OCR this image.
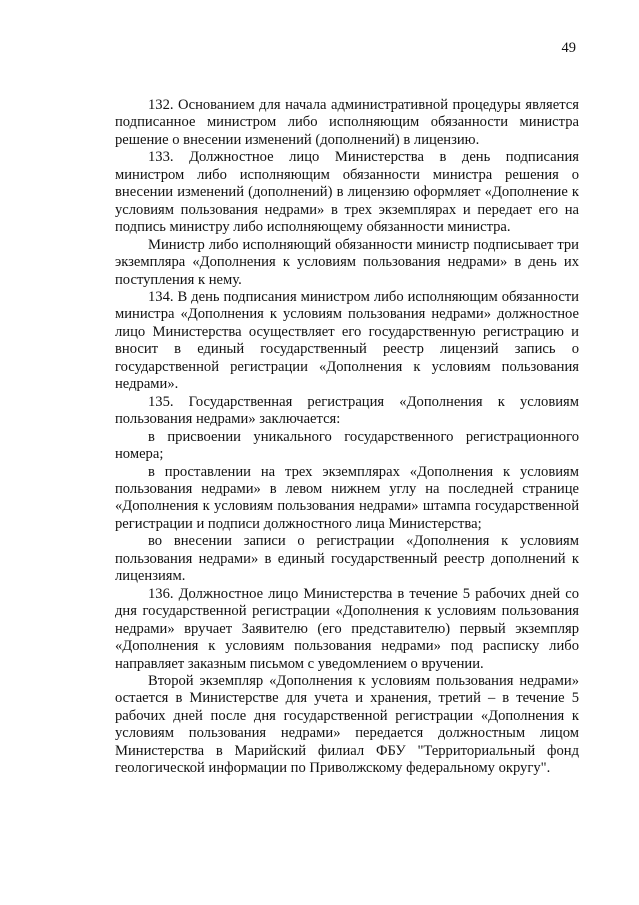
49

132. Основанием для начала административной процедуры является подписанное министром либо исполняющим обязанности министра решение о внесении изменений (дополнений) в лицензию.

133. Должностное лицо Министерства в день подписания министром либо исполняющим обязанности министра решения о внесении изменений (дополнений) в лицензию оформляет «Дополнение к условиям пользования недрами» в трех экземплярах и передает его на подпись министру либо исполняющему обязанности министра.

Министр либо исполняющий обязанности министр подписывает три экземпляра «Дополнения к условиям пользования недрами» в день их поступления к нему.

134. В день подписания министром либо исполняющим обязанности министра «Дополнения к условиям пользования недрами» должностное лицо Министерства осуществляет его государственную регистрацию и вносит в единый государственный реестр лицензий запись о государственной регистрации «Дополнения к условиям пользования недрами».

135. Государственная регистрация «Дополнения к условиям пользования недрами» заключается:

в присвоении уникального государственного регистрационного номера;

в проставлении на трех экземплярах «Дополнения к условиям пользования недрами» в левом нижнем углу на последней странице «Дополнения к условиям пользования недрами» штампа государственной регистрации и подписи должностного лица Министерства;

во внесении записи о регистрации «Дополнения к условиям пользования недрами» в единый государственный реестр дополнений к лицензиям.

136. Должностное лицо Министерства в течение 5 рабочих дней со дня государственной регистрации «Дополнения к условиям пользования недрами» вручает Заявителю (его представителю) первый экземпляр «Дополнения к условиям пользования недрами» под расписку либо направляет заказным письмом с уведомлением о вручении.

Второй экземпляр «Дополнения к условиям пользования недрами» остается в Министерстве для учета и хранения, третий – в течение 5 рабочих дней после дня государственной регистрации «Дополнения к условиям пользования недрами» передается должностным лицом Министерства в Марийский филиал ФБУ "Территориальный фонд геологической информации по Приволжскому федеральному округу".
